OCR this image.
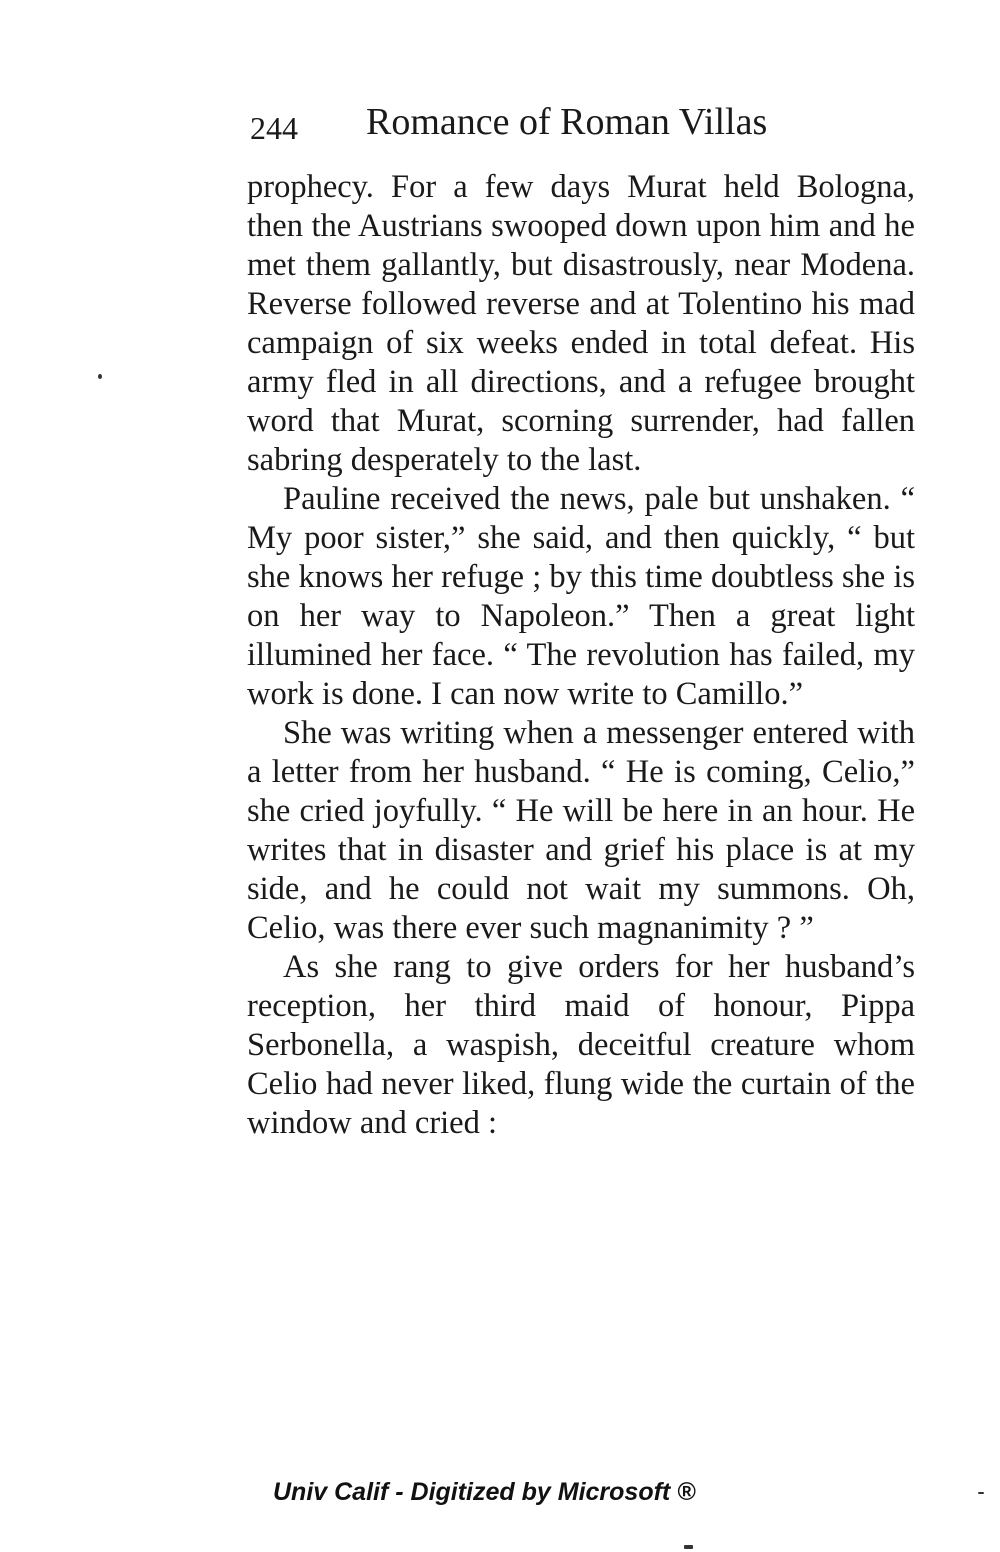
244 Romance of Roman Villas

prophecy. For a few days Murat held Bologna, then the Austrians swooped down upon him and he met them gallantly, but disastrously, near Modena. Reverse followed reverse and at Tolentino his mad campaign of six weeks ended in total defeat. His army fled in all directions, and a refugee brought word that Murat, scorning surrender, had fallen sabring desperately to the last.

Pauline received the news, pale but unshaken. “ My poor sister,” she said, and then quickly, “ but she knows her refuge ; by this time doubtless she is on her way to Napoleon.” Then a great light illumined her face. “ The revolution has failed, my work is done. I can now write to Camillo.”

She was writing when a messenger entered with a letter from her husband. “ He is coming, Celio,” she cried joyfully. “ He will be here in an hour. He writes that in disaster and grief his place is at my side, and he could not wait my summons. Oh, Celio, was there ever such magnanimity ? ”

As she rang to give orders for her husband’s reception, her third maid of honour, Pippa Serbonella, a waspish, deceitful creature whom Celio had never liked, flung wide the curtain of the window and cried :

Univ Calif - Digitized by Microsoft ®
